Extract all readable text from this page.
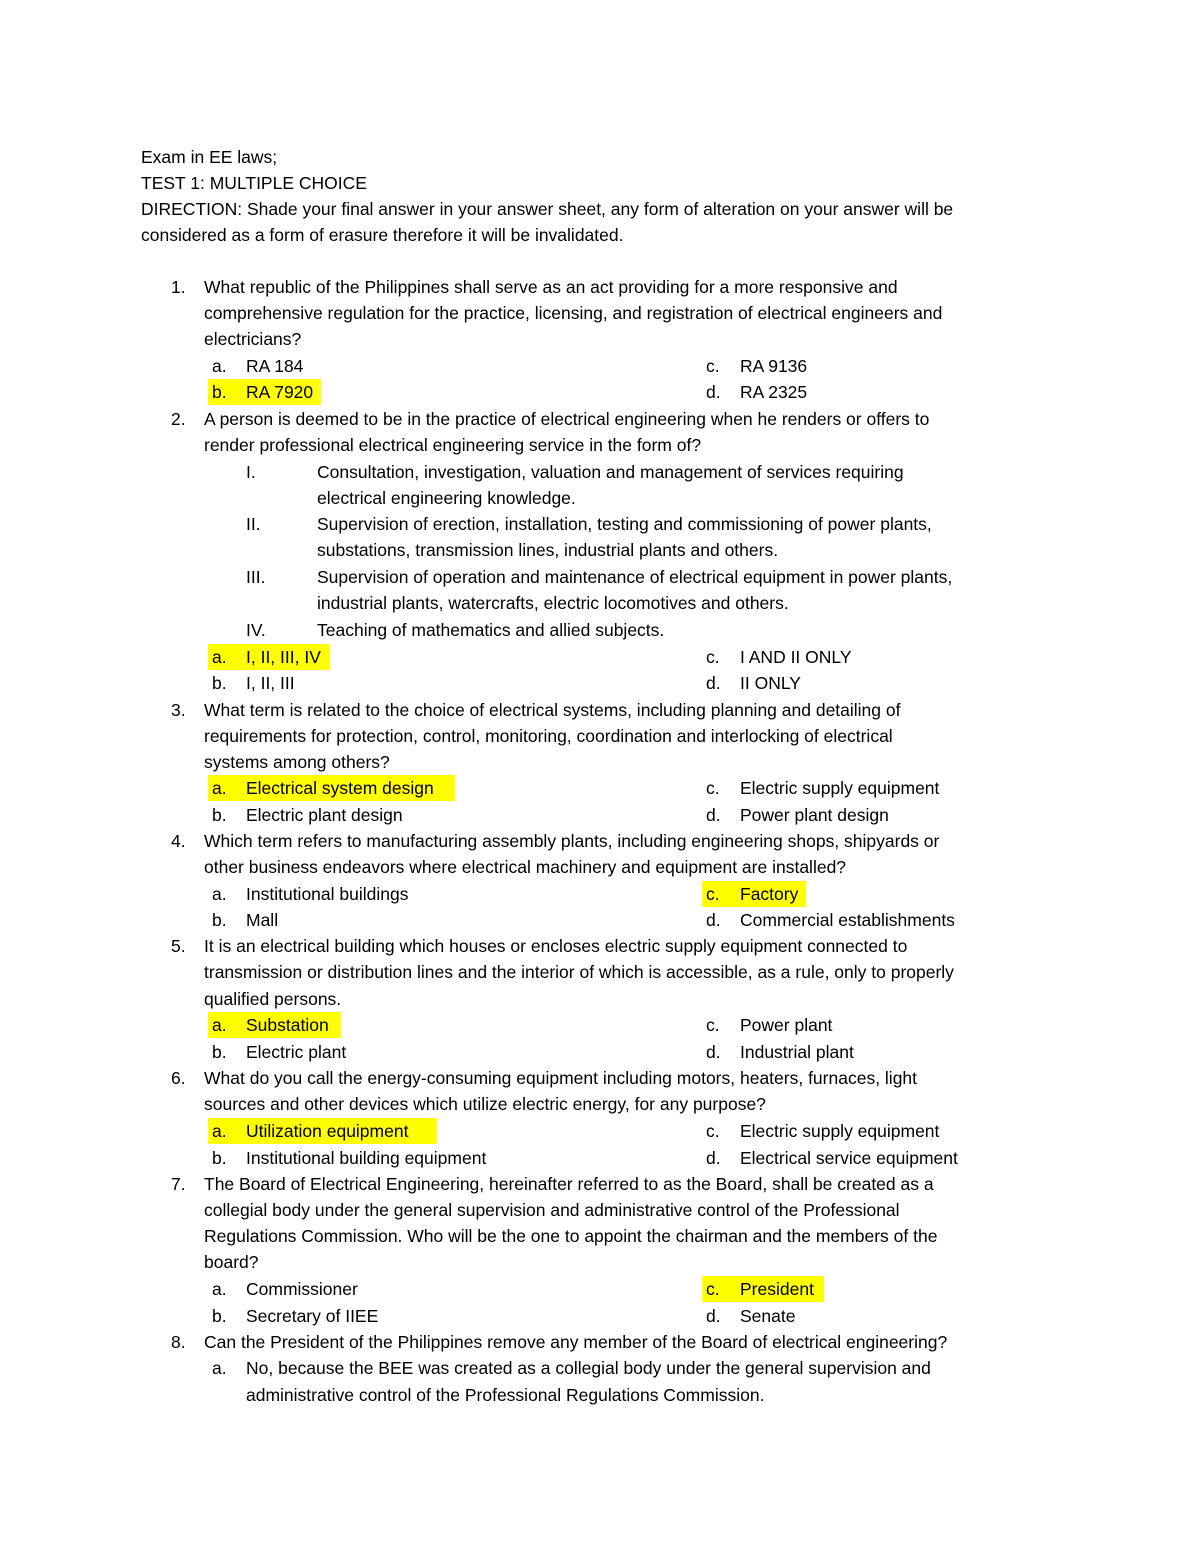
Exam in EE laws;
TEST 1: MULTIPLE CHOICE
DIRECTION: Shade your final answer in your answer sheet, any form of alteration on your answer will be
considered as a form of erasure therefore it will be invalidated.
1. What republic of the Philippines shall serve as an act providing for a more responsive and
comprehensive regulation for the practice, licensing, and registration of electrical engineers and
electricians?
a. RA 184
b. RA 7920
c. RA 9136
d. RA 2325
2. A person is deemed to be in the practice of electrical engineering when he renders or offers to
render professional electrical engineering service in the form of?
I.	Consultation, investigation, valuation and management of services requiring
electrical engineering knowledge.
II.	Supervision of erection, installation, testing and commissioning of power plants,
substations, transmission lines, industrial plants and others.
III.	Supervision of operation and maintenance of electrical equipment in power plants,
industrial plants, watercrafts, electric locomotives and others.
IV.	Teaching of mathematics and allied subjects.
a. I, II, III, IV
b. I, II, III
c. I AND II ONLY
d. II ONLY
3. What term is related to the choice of electrical systems, including planning and detailing of
requirements for protection, control, monitoring, coordination and interlocking of electrical
systems among others?
a. Electrical system design
b. Electric plant design
c. Electric supply equipment
d. Power plant design
4. Which term refers to manufacturing assembly plants, including engineering shops, shipyards or
other business endeavors where electrical machinery and equipment are installed?
a. Institutional buildings
b. Mall
c. Factory
d. Commercial establishments
5. It is an electrical building which houses or encloses electric supply equipment connected to
transmission or distribution lines and the interior of which is accessible, as a rule, only to properly
qualified persons.
a. Substation
b. Electric plant
c. Power plant
d. Industrial plant
6. What do you call the energy-consuming equipment including motors, heaters, furnaces, light
sources and other devices which utilize electric energy, for any purpose?
a. Utilization equipment
b. Institutional building equipment
c. Electric supply equipment
d. Electrical service equipment
7. The Board of Electrical Engineering, hereinafter referred to as the Board, shall be created as a
collegial body under the general supervision and administrative control of the Professional
Regulations Commission. Who will be the one to appoint the chairman and the members of the
board?
a. Commissioner
b. Secretary of IIEE
c. President
d. Senate
8. Can the President of the Philippines remove any member of the Board of electrical engineering?
a. No, because the BEE was created as a collegial body under the general supervision and
administrative control of the Professional Regulations Commission.
